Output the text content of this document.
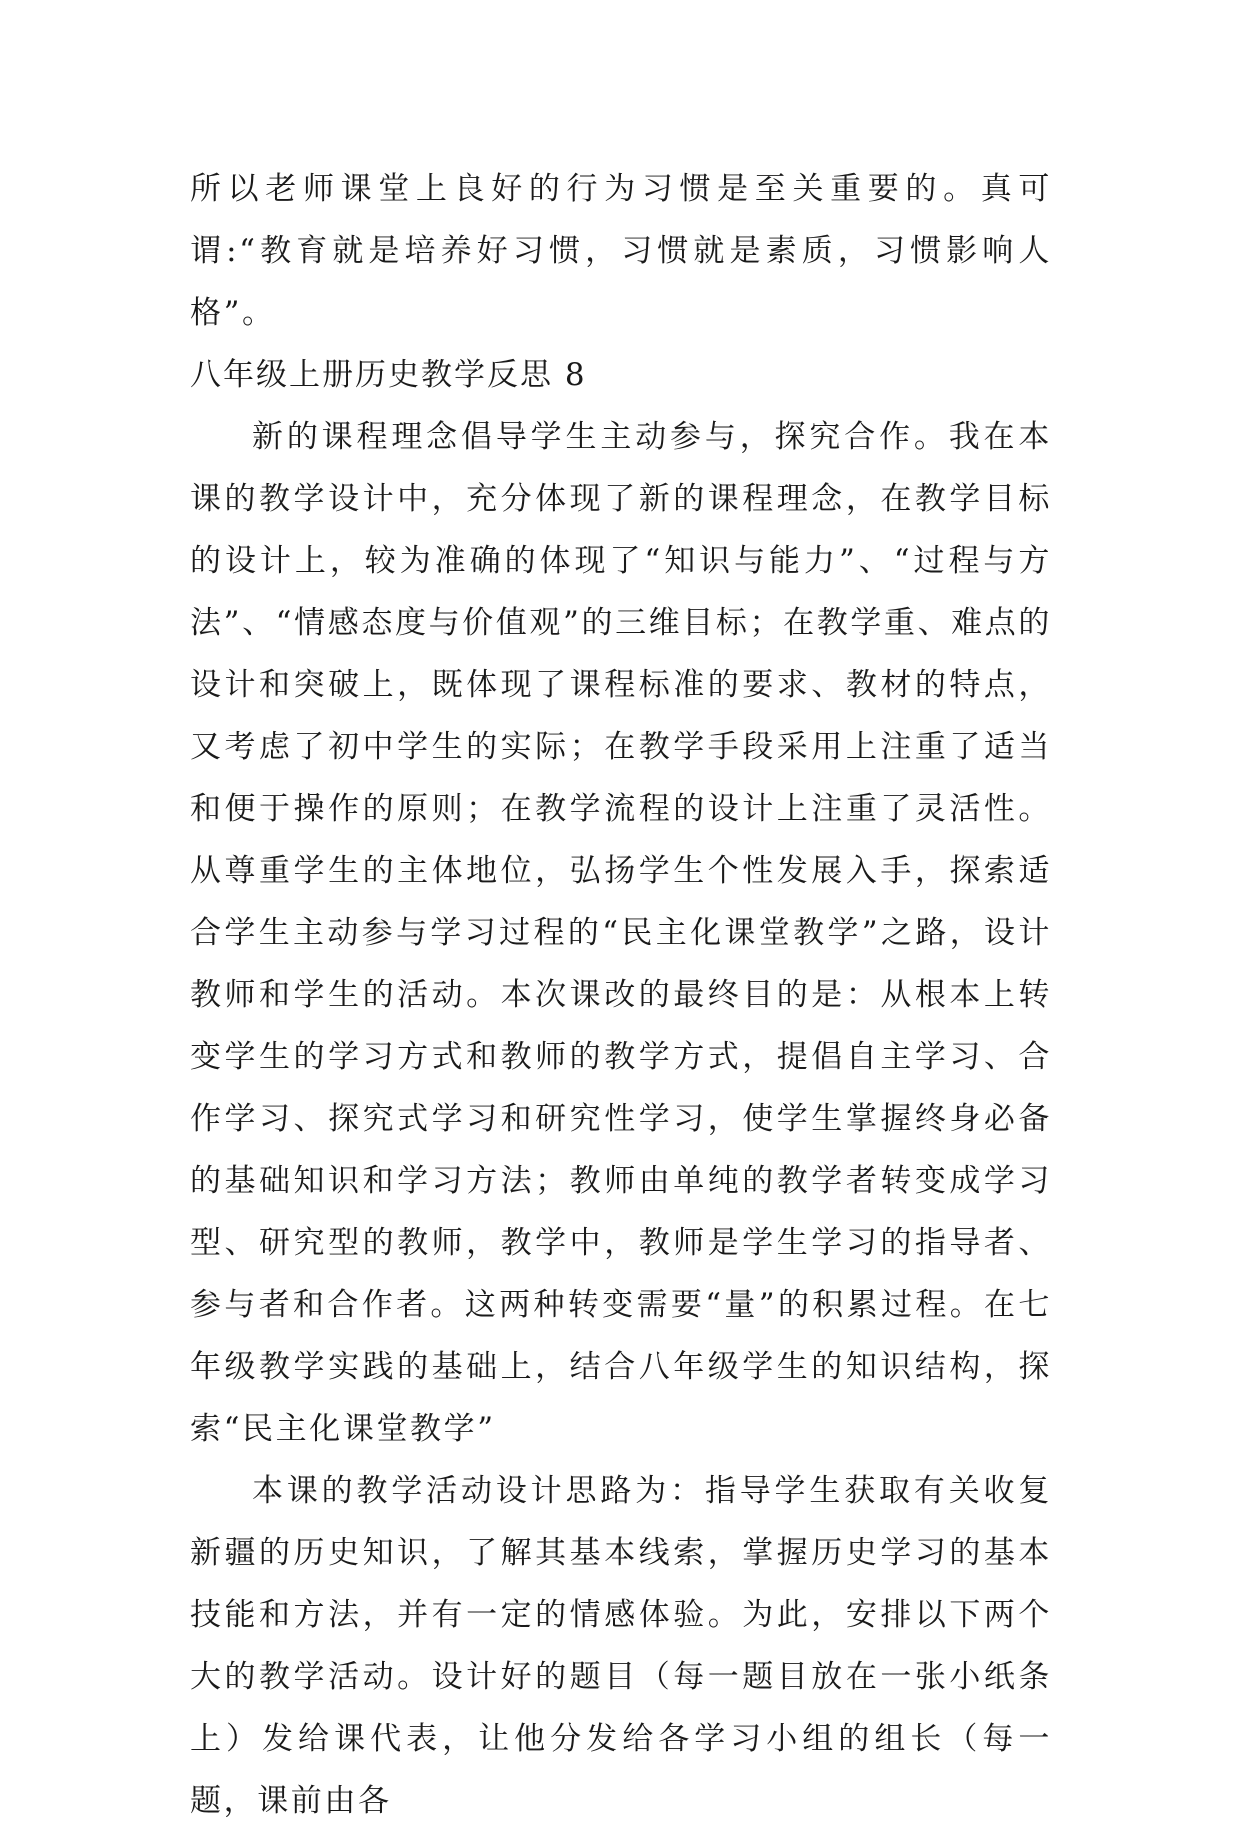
所以老师课堂上良好的行为习惯是至关重要的。真可谓:“教育就是培养好习惯，习惯就是素质，习惯影响人格”。

八年级上册历史教学反思 8

新的课程理念倡导学生主动参与，探究合作。我在本课的教学设计中，充分体现了新的课程理念，在教学目标的设计上，较为准确的体现了“知识与能力”、“过程与方法”、“情感态度与价值观”的三维目标；在教学重、难点的设计和突破上，既体现了课程标准的要求、教材的特点，又考虑了初中学生的实际；在教学手段采用上注重了适当和便于操作的原则；在教学流程的设计上注重了灵活性。从尊重学生的主体地位，弘扬学生个性发展入手，探索适合学生主动参与学习过程的“民主化课堂教学”之路，设计教师和学生的活动。本次课改的最终目的是：从根本上转变学生的学习方式和教师的教学方式，提倡自主学习、合作学习、探究式学习和研究性学习，使学生掌握终身必备的基础知识和学习方法；教师由单纯的教学者转变成学习型、研究型的教师，教学中，教师是学生学习的指导者、参与者和合作者。这两种转变需要“量”的积累过程。在七年级教学实践的基础上，结合八年级学生的知识结构，探索“民主化课堂教学”

本课的教学活动设计思路为：指导学生获取有关收复新疆的历史知识，了解其基本线索，掌握历史学习的基本技能和方法，并有一定的情感体验。为此，安排以下两个大的教学活动。设计好的题目（每一题目放在一张小纸条上）发给课代表，让他分发给各学习小组的组长（每一题，课前由各
